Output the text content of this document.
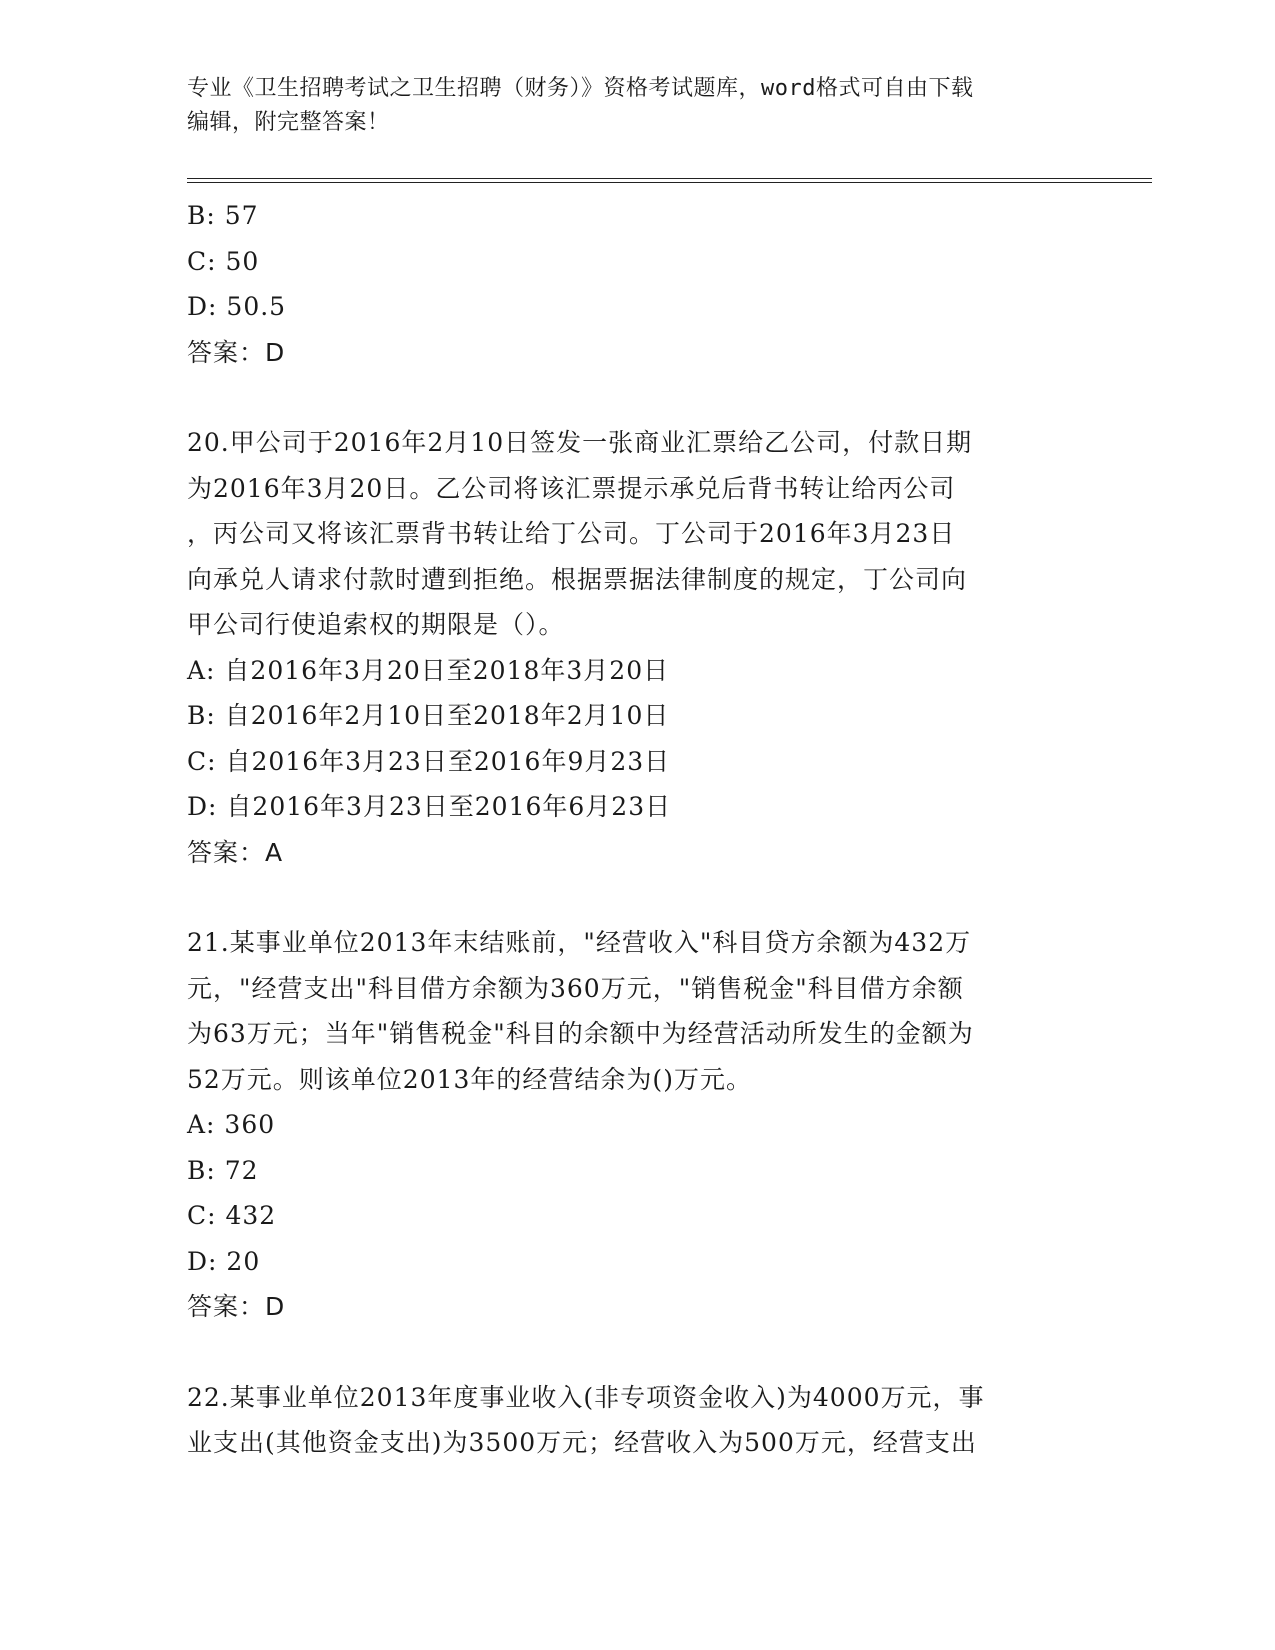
专业《卫生招聘考试之卫生招聘（财务）》资格考试题库，word格式可自由下载
编辑，附完整答案！
B: 57
C: 50
D: 50.5
答案：D
20.甲公司于2016年2月10日签发一张商业汇票给乙公司，付款日期
为2016年3月20日。乙公司将该汇票提示承兑后背书转让给丙公司
，丙公司又将该汇票背书转让给丁公司。丁公司于2016年3月23日
向承兑人请求付款时遭到拒绝。根据票据法律制度的规定，丁公司向
甲公司行使追索权的期限是（）。
A: 自2016年3月20日至2018年3月20日
B: 自2016年2月10日至2018年2月10日
C: 自2016年3月23日至2016年9月23日
D: 自2016年3月23日至2016年6月23日
答案：A
21.某事业单位2013年末结账前，"经营收入"科目贷方余额为432万
元，"经营支出"科目借方余额为360万元，"销售税金"科目借方余额
为63万元；当年"销售税金"科目的余额中为经营活动所发生的金额为
52万元。则该单位2013年的经营结余为()万元。
A: 360
B: 72
C: 432
D: 20
答案：D
22.某事业单位2013年度事业收入(非专项资金收入)为4000万元，事
业支出(其他资金支出)为3500万元；经营收入为500万元，经营支出
